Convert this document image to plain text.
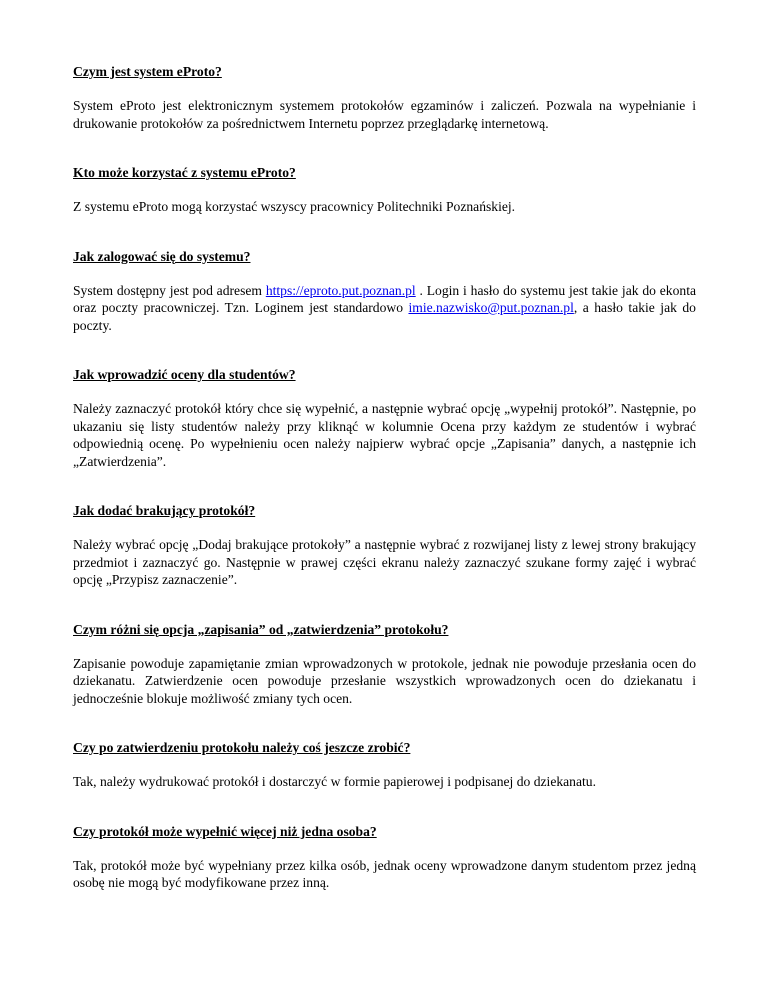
Czym jest system eProto?

System eProto jest elektronicznym systemem protokołów egzaminów i zaliczeń. Pozwala na wypełnianie i drukowanie protokołów za pośrednictwem Internetu poprzez przeglądarkę internetową.

Kto może korzystać z systemu eProto?

Z systemu eProto mogą korzystać wszyscy pracownicy Politechniki Poznańskiej.

Jak zalogować się do systemu?

System dostępny jest pod adresem https://eproto.put.poznan.pl . Login i hasło do systemu jest takie jak do ekonta oraz poczty pracowniczej. Tzn. Loginem jest standardowo imie.nazwisko@put.poznan.pl, a hasło takie jak do poczty.

Jak wprowadzić oceny dla studentów?

Należy zaznaczyć protokół który chce się wypełnić, a następnie wybrać opcję „wypełnij protokół”. Następnie, po ukazaniu się listy studentów należy przy kliknąć w kolumnie Ocena przy każdym ze studentów i wybrać odpowiednią ocenę. Po wypełnieniu ocen należy najpierw wybrać opcje „Zapisania” danych, a następnie ich „Zatwierdzenia”.

Jak dodać brakujący protokół?

Należy wybrać opcję „Dodaj brakujące protokoły” a następnie wybrać z rozwijanej listy z lewej strony brakujący przedmiot i zaznaczyć go. Następnie w prawej części ekranu należy zaznaczyć szukane formy zajęć i wybrać opcję „Przypisz zaznaczenie”.

Czym różni się opcja „zapisania” od „zatwierdzenia” protokołu?

Zapisanie powoduje zapamiętanie zmian wprowadzonych w protokole, jednak nie powoduje przesłania ocen do dziekanatu. Zatwierdzenie ocen powoduje przesłanie wszystkich wprowadzonych ocen do dziekanatu i jednocześnie blokuje możliwość zmiany tych ocen.

Czy po zatwierdzeniu protokołu należy coś jeszcze zrobić?

Tak, należy wydrukować protokół i dostarczyć w formie papierowej i podpisanej do dziekanatu.

Czy protokół może wypełnić więcej niż jedna osoba?

Tak, protokół może być wypełniany przez kilka osób, jednak oceny wprowadzone danym studentom przez jedną osobę nie mogą być modyfikowane przez inną.
